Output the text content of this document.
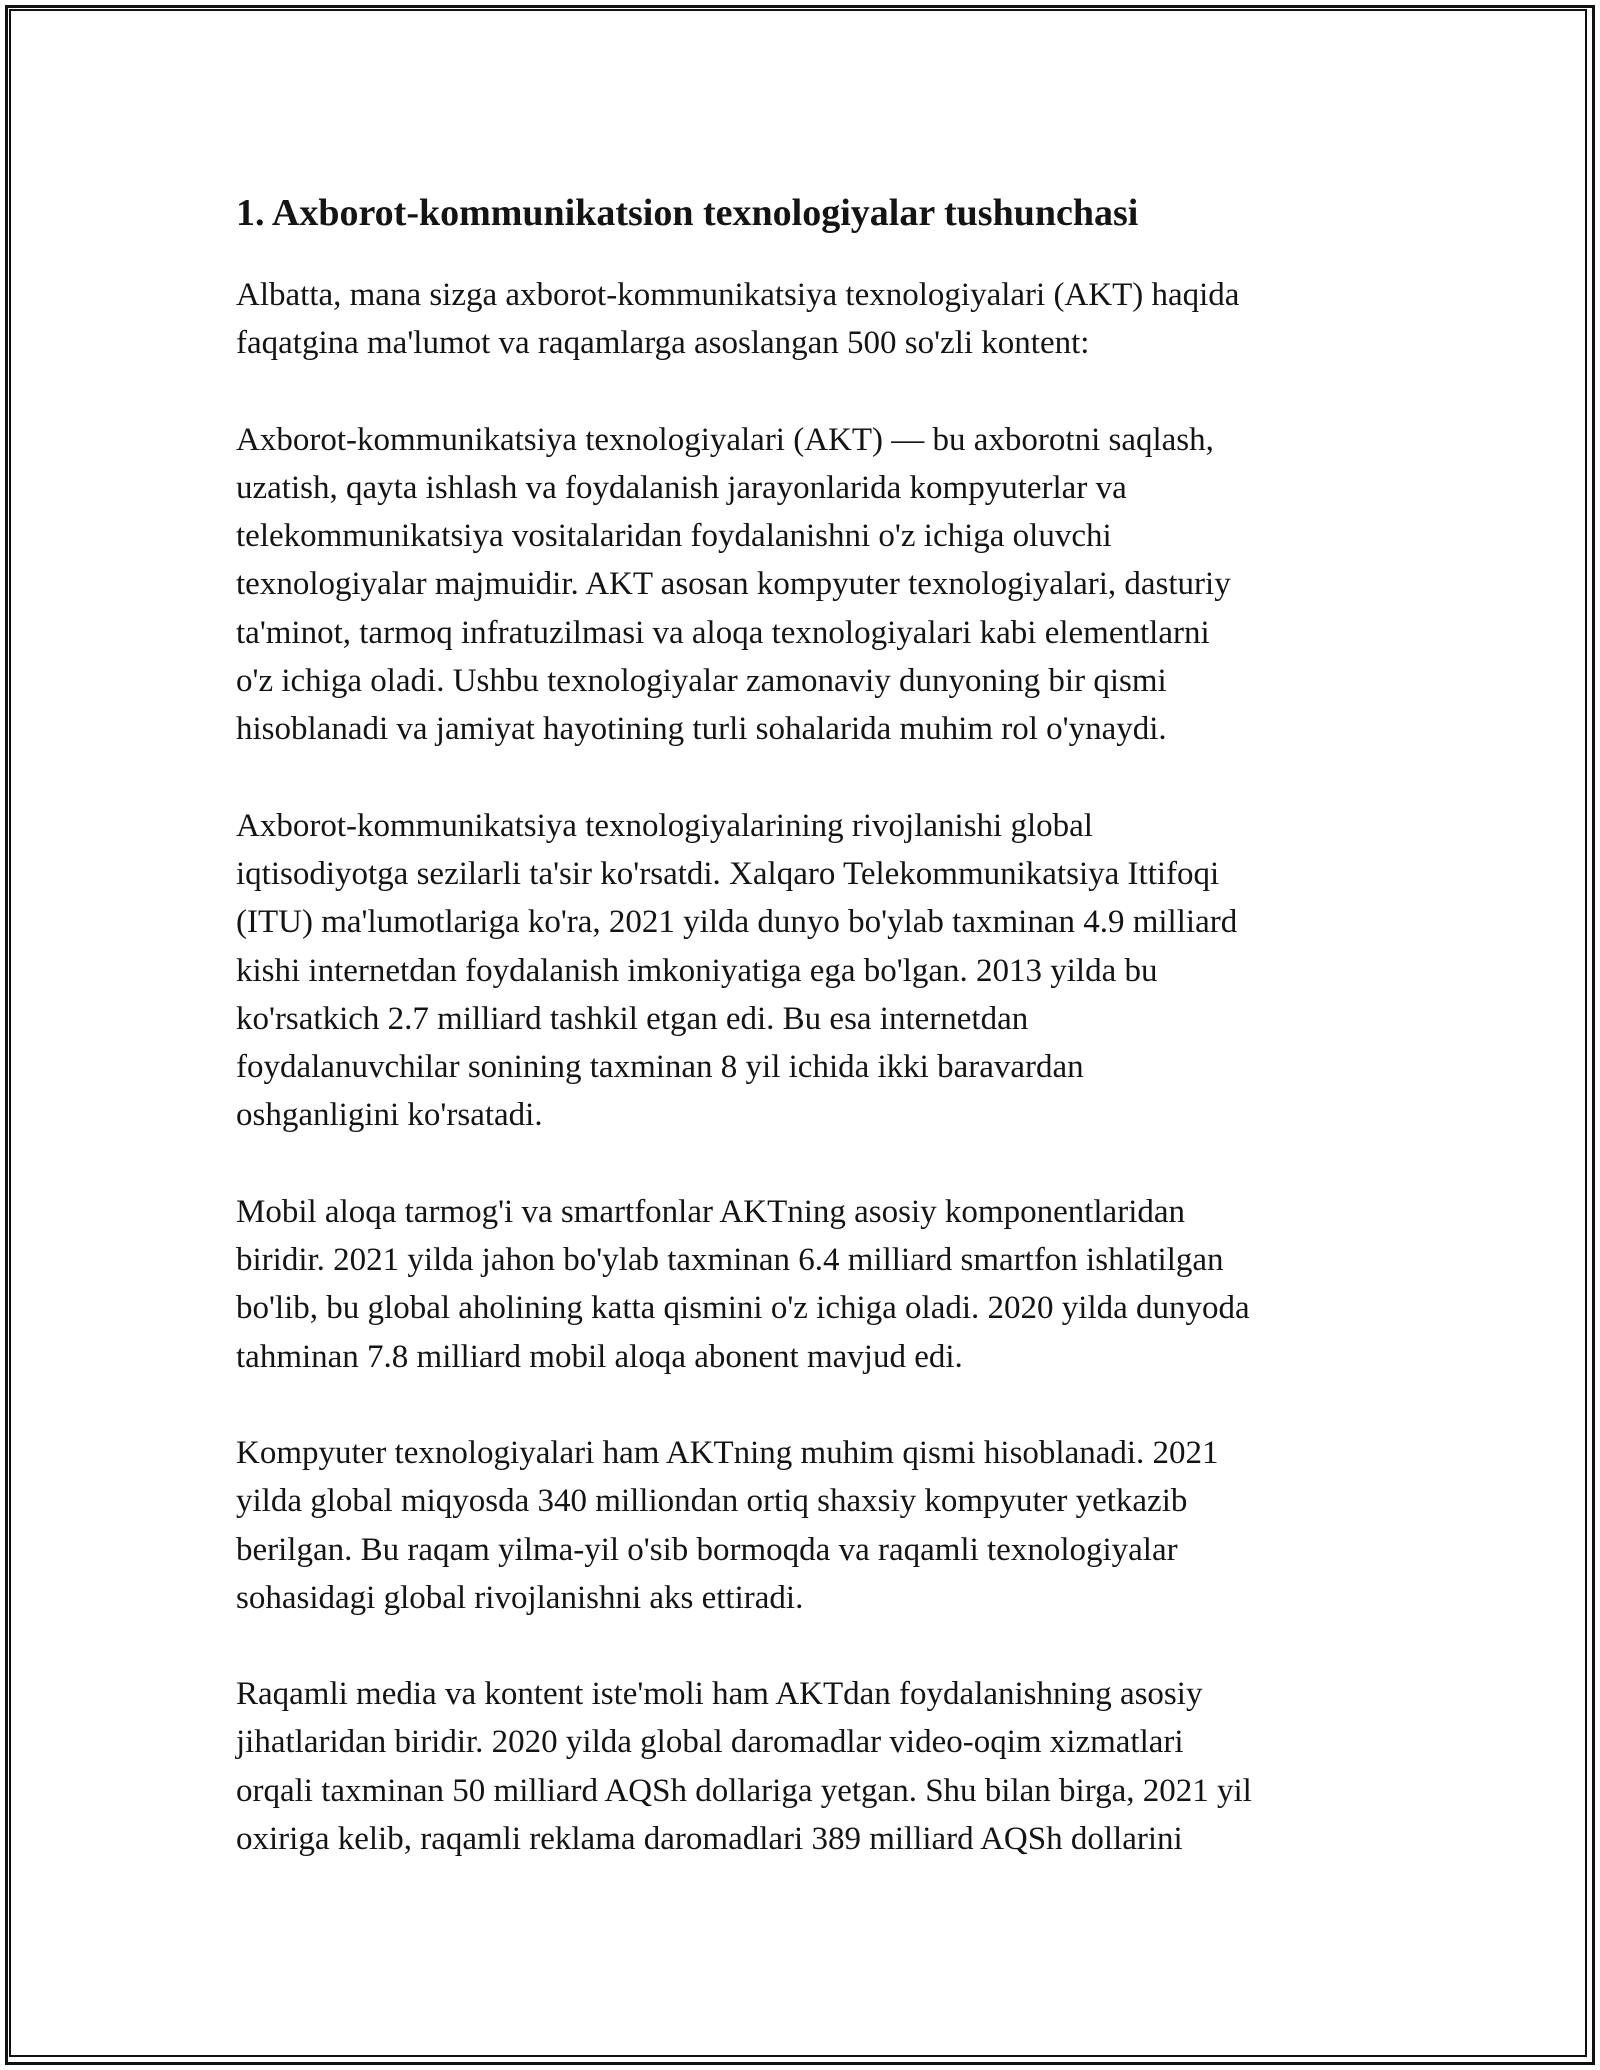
1. Axborot-kommunikatsion texnologiyalar tushunchasi
Albatta, mana sizga axborot-kommunikatsiya texnologiyalari (AKT) haqida
faqatgina ma'lumot va raqamlarga asoslangan 500 so'zli kontent:
Axborot-kommunikatsiya texnologiyalari (AKT) — bu axborotni saqlash,
uzatish, qayta ishlash va foydalanish jarayonlarida kompyuterlar va
telekommunikatsiya vositalaridan foydalanishni o'z ichiga oluvchi
texnologiyalar majmuidir. AKT asosan kompyuter texnologiyalari, dasturiy
ta'minot, tarmoq infratuzilmasi va aloqa texnologiyalari kabi elementlarni
o'z ichiga oladi. Ushbu texnologiyalar zamonaviy dunyoning bir qismi
hisoblanadi va jamiyat hayotining turli sohalarida muhim rol o'ynaydi.
Axborot-kommunikatsiya texnologiyalarining rivojlanishi global
iqtisodiyotga sezilarli ta'sir ko'rsatdi. Xalqaro Telekommunikatsiya Ittifoqi
(ITU) ma'lumotlariga ko'ra, 2021 yilda dunyo bo'ylab taxminan 4.9 milliard
kishi internetdan foydalanish imkoniyatiga ega bo'lgan. 2013 yilda bu
ko'rsatkich 2.7 milliard tashkil etgan edi. Bu esa internetdan
foydalanuvchilar sonining taxminan 8 yil ichida ikki baravardan
oshganligini ko'rsatadi.
Mobil aloqa tarmog'i va smartfonlar AKTning asosiy komponentlaridan
biridir. 2021 yilda jahon bo'ylab taxminan 6.4 milliard smartfon ishlatilgan
bo'lib, bu global aholining katta qismini o'z ichiga oladi. 2020 yilda dunyoda
tahminan 7.8 milliard mobil aloqa abonent mavjud edi.
Kompyuter texnologiyalari ham AKTning muhim qismi hisoblanadi. 2021
yilda global miqyosda 340 milliondan ortiq shaxsiy kompyuter yetkazib
berilgan. Bu raqam yilma-yil o'sib bormoqda va raqamli texnologiyalar
sohasidagi global rivojlanishni aks ettiradi.
Raqamli media va kontent iste'moli ham AKTdan foydalanishning asosiy
jihatlaridan biridir. 2020 yilda global daromadlar video-oqim xizmatlari
orqali taxminan 50 milliard AQSh dollariga yetgan. Shu bilan birga, 2021 yil
oxiriga kelib, raqamli reklama daromadlari 389 milliard AQSh dollarini
